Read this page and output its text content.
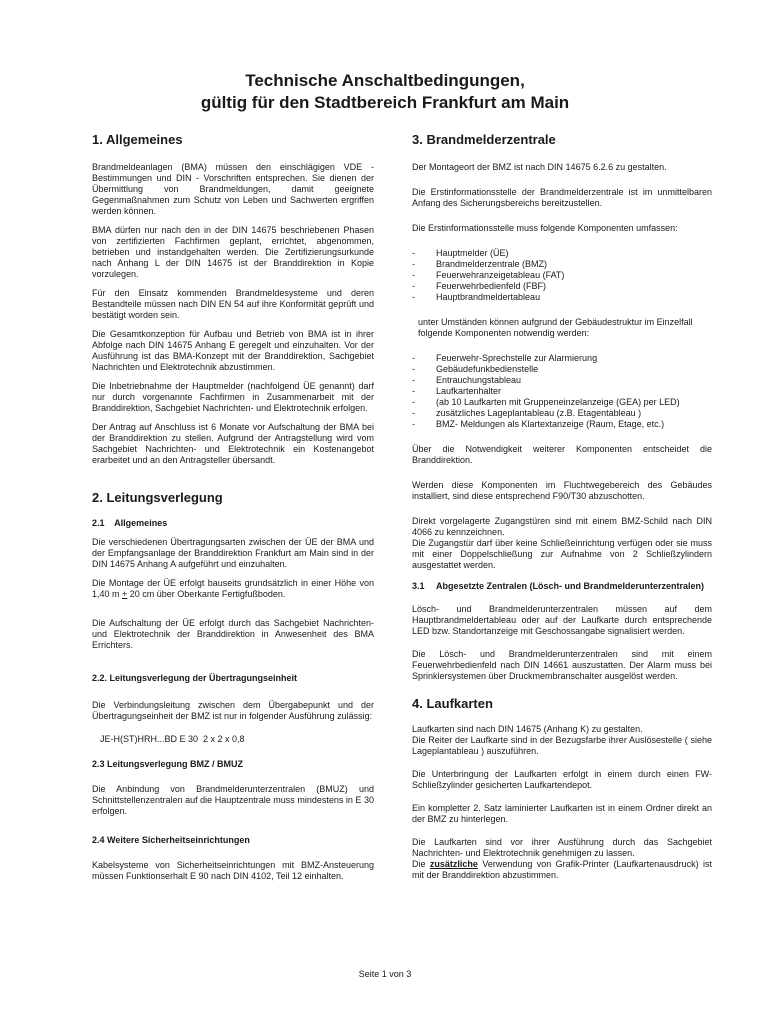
Technische Anschaltbedingungen,
gültig für den Stadtbereich Frankfurt am Main
1. Allgemeines
Brandmeldeanlagen (BMA) müssen den einschlägigen VDE - Bestimmungen und DIN - Vorschriften entsprechen. Sie dienen der Übermittlung von Brandmeldungen, damit geeignete Gegenmaßnahmen zum Schutz von Leben und Sachwerten ergriffen werden können.
BMA dürfen nur nach den in der DIN 14675 beschriebenen Phasen von zertifizierten Fachfirmen geplant, errichtet, abgenommen, betrieben und instandgehalten werden. Die Zertifizierungsurkunde nach Anhang L der DIN 14675 ist der Branddirektion in Kopie vorzulegen.
Für den Einsatz kommenden Brandmeldesysteme und deren Bestandteile müssen nach DIN EN 54 auf ihre Konformität geprüft und bestätigt worden sein.
Die Gesamtkonzeption für Aufbau und Betrieb von BMA ist in ihrer Abfolge nach DIN 14675 Anhang E geregelt und einzuhalten. Vor der Ausführung ist das BMA-Konzept mit der Branddirektion, Sachgebiet Nachrichten und Elektrotechnik abzustimmen.
Die Inbetriebnahme der Hauptmelder (nachfolgend ÜE genannt) darf nur durch vorgenannte Fachfirmen in Zusammenarbeit mit der Branddirektion, Sachgebiet Nachrichten- und Elektrotechnik erfolgen.
Der Antrag auf Anschluss ist 6 Monate vor Aufschaltung der BMA bei der Branddirektion zu stellen. Aufgrund der Antragstellung wird vom Sachgebiet Nachrichten- und Elektrotechnik ein Kostenangebot erarbeitet und an den Antragsteller übersandt.
2. Leitungsverlegung
2.1    Allgemeines
Die verschiedenen Übertragungsarten zwischen der ÜE der BMA und der Empfangsanlage der Branddirektion Frankfurt am Main sind in der DIN 14675 Anhang A aufgeführt und einzuhalten.
Die Montage der ÜE erfolgt bauseits grundsätzlich in einer Höhe von 1,40 m + 20 cm über Oberkante Fertigfußboden.
Die Aufschaltung der ÜE erfolgt durch das Sachgebiet Nachrichten- und Elektrotechnik der Branddirektion in Anwesenheit des BMA Errichters.
2.2. Leitungsverlegung der Übertragungseinheit
Die Verbindungsleitung zwischen dem Übergabepunkt und der Übertragungseinheit der BMZ ist nur in folgender Ausführung zulässig:
JE-H(ST)HRH...BD E 30  2 x 2 x 0,8
2.3 Leitungsverlegung BMZ / BMUZ
Die Anbindung von Brandmelderunterzentralen (BMUZ) und Schnittstellenzentralen auf die Hauptzentrale muss mindestens in E 30 erfolgen.
2.4 Weitere Sicherheitseinrichtungen
Kabelsysteme von Sicherheitseinrichtungen mit BMZ-Ansteuerung müssen Funktionserhalt E 90 nach DIN 4102, Teil 12 einhalten.
3. Brandmelderzentrale
Der Montageort der BMZ ist nach DIN 14675 6.2.6 zu gestalten.
Die Erstinformationsstelle der Brandmelderzentrale ist im unmittelbaren Anfang des Sicherungsbereichs bereitzustellen.
Die Erstinformationsstelle muss folgende Komponenten umfassen:
- Hauptmelder (ÜE)
- Brandmelderzentrale (BMZ)
- Feuerwehranzeigetableau (FAT)
- Feuerwehrbedienfeld (FBF)
- Hauptbrandmeldertableau
unter Umständen können aufgrund der Gebäudestruktur im Einzelfall folgende Komponenten notwendig werden:
- Feuerwehr-Sprechstelle zur Alarmierung
- Gebäudefunkbedienstelle
- Entrauchungstableau
- Laufkartenhalter
- (ab 10 Laufkarten mit Gruppeneinzelanzeige (GEA) per LED)
- zusätzliches Lageplantableau (z.B. Etagentableau )
- BMZ- Meldungen als Klartextanzeige (Raum, Etage, etc.)
Über die Notwendigkeit weiterer Komponenten entscheidet die Branddirektion.
Werden diese Komponenten im Fluchtwegebereich des Gebäudes installiert, sind diese entsprechend F90/T30 abzuschotten.
Direkt vorgelagerte Zugangstüren sind mit einem BMZ-Schild nach DIN 4066 zu kennzeichnen.
Die Zugangstür darf über keine Schließeinrichtung verfügen oder sie muss mit einer Doppelschließung zur Aufnahme von 2 Schließzylindern ausgestattet werden.
3.1	Abgesetzte Zentralen (Lösch- und Brandmelderunterzentralen)
Lösch- und Brandmelderunterzentralen müssen auf dem Hauptbrandmeldertableau oder auf der Laufkarte durch entsprechende LED bzw. Standortanzeige mit Geschossangabe signalisiert werden.
Die Lösch- und Brandmelderunterzentralen sind mit einem Feuerwehrbedienfeld nach DIN 14661 auszustatten. Der Alarm muss bei Sprinklersystemen über Druckmembranschalter ausgelöst werden.
4. Laufkarten
Laufkarten sind nach DIN 14675 (Anhang K) zu gestalten.
Die Reiter der Laufkarte sind in der Bezugsfarbe ihrer Auslösestelle ( siehe Lageplantableau ) auszuführen.
Die Unterbringung der Laufkarten erfolgt in einem durch einen FW- Schließzylinder gesicherten Laufkartendepot.
Ein kompletter 2. Satz laminierter Laufkarten ist in einem Ordner direkt an der BMZ zu hinterlegen.
Die Laufkarten sind vor ihrer Ausführung durch das Sachgebiet Nachrichten- und Elektrotechnik genehmigen zu lassen.
Die zusätzliche Verwendung von Grafik-Printer (Laufkartenausdruck) ist mit der Branddirektion abzustimmen.
Seite 1 von 3
